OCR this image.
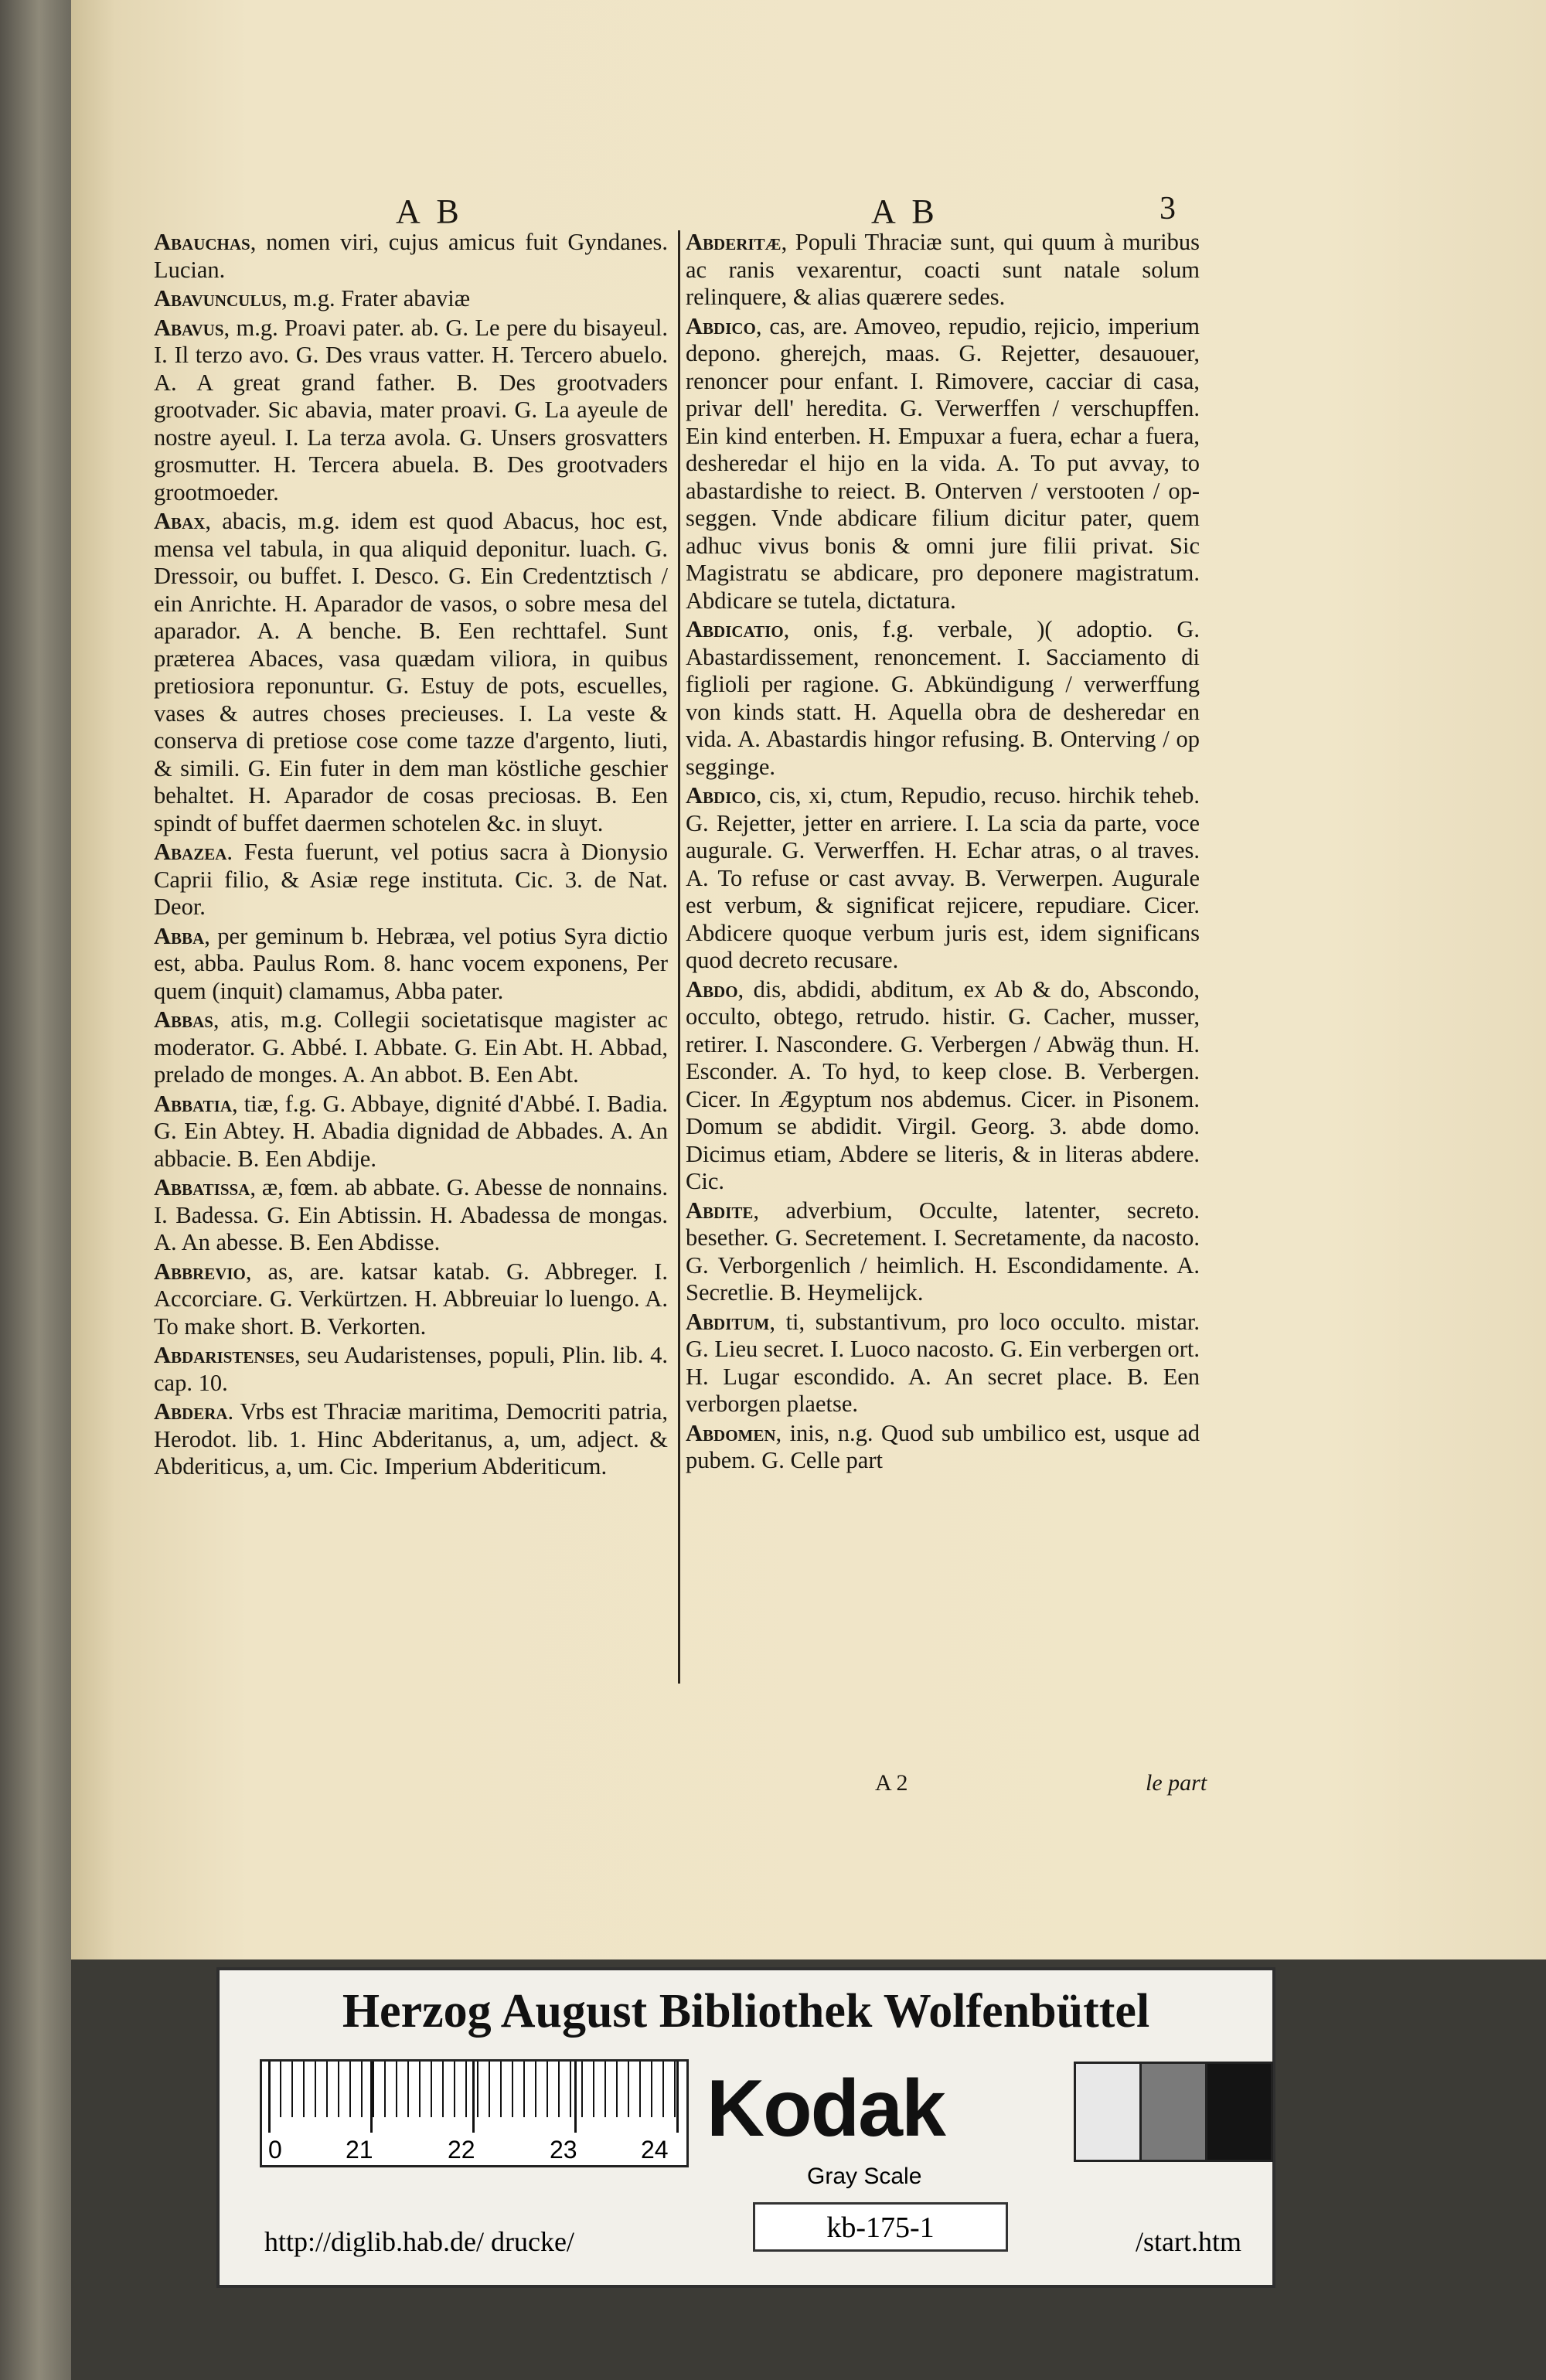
A B	A B	3

Abauchas, nomen viri, cujus amicus fuit Gyndanes. Lucian.

Abavunculus, m.g. Frater abaviæ

Abavus, m.g. Proavi pater. ab. G. Le pere du bisayeul. I. Il terzo avo. G. Des vraus vatter. H. Tercero abuelo. A. A great grand father. B. Des grootvaders grootvader. Sic abavia, mater proavi. G. La ayeule de nostre ayeul. I. La terza avola. G. Unsers grosvatters grosmutter. H. Tercera abuela. B. Des grootvaders grootmoeder.

Abax, abacis, m.g. idem est quod Abacus, hoc est, mensa vel tabula, in qua aliquid deponitur. luach. G. Dressoir, ou buffet. I. Desco. G. Ein Credentztisch / ein Anrichte. H. Aparador de vasos, o sobre mesa del aparador. A. A benche. B. Een rechttafel. Sunt præterea Abaces, vasa quædam viliora, in quibus pretiosiora reponuntur. G. Estuy de pots, escuelles, vases & autres choses precieuses. I. La veste & conserva di pretiose cose come tazze d'argento, liuti, & simili. G. Ein futer in dem man köstliche geschier behaltet. H. Aparador de cosas preciosas. B. Een spindt of buffet daermen schotelen &c. in sluyt.

Abazea. Festa fuerunt, vel potius sacra à Dionysio Caprii filio, & Asiæ rege instituta. Cic. 3. de Nat. Deor.

Abba, per geminum b. Hebræa, vel potius Syra dictio est, abba. Paulus Rom. 8. hanc vocem exponens, Per quem (inquit) clamamus, Abba pater.

Abbas, atis, m.g. Collegii societatisque magister ac moderator. G. Abbé. I. Abbate. G. Ein Abt. H. Abbad, prelado de monges. A. An abbot. B. Een Abt.

Abbatia, tiæ, f.g. G. Abbaye, dignité d'Abbé. I. Badia. G. Ein Abtey. H. Abadia dignidad de Abbades. A. An abbacie. B. Een Abdije.

Abbatissa, æ, fœm. ab abbate. G. Abesse de nonnains. I. Badessa. G. Ein Abtissin. H. Abadessa de mongas. A. An abesse. B. Een Abdisse.

Abbrevio, as, are. katsar katab. G. Abbreger. I. Accorciare. G. Verkürtzen. H. Abbreuiar lo luengo. A. To make short. B. Verkorten.

Abdaristenses, seu Audaristenses, populi, Plin. lib. 4. cap. 10.

Abdera. Vrbs est Thraciæ maritima, Democriti patria, Herodot. lib. 1. Hinc Abderitanus, a, um, adject. & Abderiticus, a, um. Cic. Imperium Abderiticum.

Abderitæ, Populi Thraciæ sunt, qui quum à muribus ac ranis vexarentur, coacti sunt natale solum relinquere, & alias quærere sedes.

Abdico, cas, are. Amoveo, repudio, rejicio, imperium depono. gherejch, maas. G. Rejetter, desauouer, renoncer pour enfant. I. Rimovere, cacciar di casa, privar dell' heredita. G. Verwerffen / verschupffen. Ein kind enterben. H. Empuxar a fuera, echar a fuera, desheredar el hijo en la vida. A. To put avvay, to abastardishe to reiect. B. Onterven / verstooten / op-seggen. Vnde abdicare filium dicitur pater, quem adhuc vivus bonis & omni jure filii privat. Sic Magistratu se abdicare, pro deponere magistratum. Abdicare se tutela, dictatura.

Abdicatio, onis, f.g. verbale, )( adoptio. G. Abastardissement, renoncement. I. Sacciamento di figlioli per ragione. G. Abkündigung / verwerffung von kinds statt. H. Aquella obra de desheredar en vida. A. Abastardis hingor refusing. B. Onterving / op segginge.

Abdico, cis, xi, ctum, Repudio, recuso. hirchik teheb. G. Rejetter, jetter en arriere. I. La scia da parte, voce augurale. G. Verwerffen. H. Echar atras, o al traves. A. To refuse or cast avvay. B. Verwerpen. Augurale est verbum, & significat rejicere, repudiare. Cicer. Abdicere quoque verbum juris est, idem significans quod decreto recusare.

Abdo, dis, abdidi, abditum, ex Ab & do, Abscondo, occulto, obtego, retrudo. histir. G. Cacher, musser, retirer. I. Nascondere. G. Verbergen / Abwäg thun. H. Esconder. A. To hyd, to keep close. B. Verbergen. Cicer. In Ægyptum nos abdemus. Cicer. in Pisonem. Domum se abdidit. Virgil. Georg. 3. abde domo. Dicimus etiam, Abdere se literis, & in literas abdere. Cic.

Abdite, adverbium, Occulte, latenter, secreto. besether. G. Secretement. I. Secretamente, da nacosto. G. Verborgenlich / heimlich. H. Escondidamente. A. Secretlie. B. Heymelijck.

Abditum, ti, substantivum, pro loco occulto. mistar. G. Lieu secret. I. Luoco nacosto. G. Ein verbergen ort. H. Lugar escondido. A. An secret place. B. Een verborgen plaetse.

Abdomen, inis, n.g. Quod sub umbilico est, usque ad pubem. G. Celle part

A 2	le part
Herzog August Bibliothek Wolfenbüttel
0	21	22	23	24 Kodak
Gray Scale
http://diglib.hab.de/ drucke/	kb-175-1	/start.htm
